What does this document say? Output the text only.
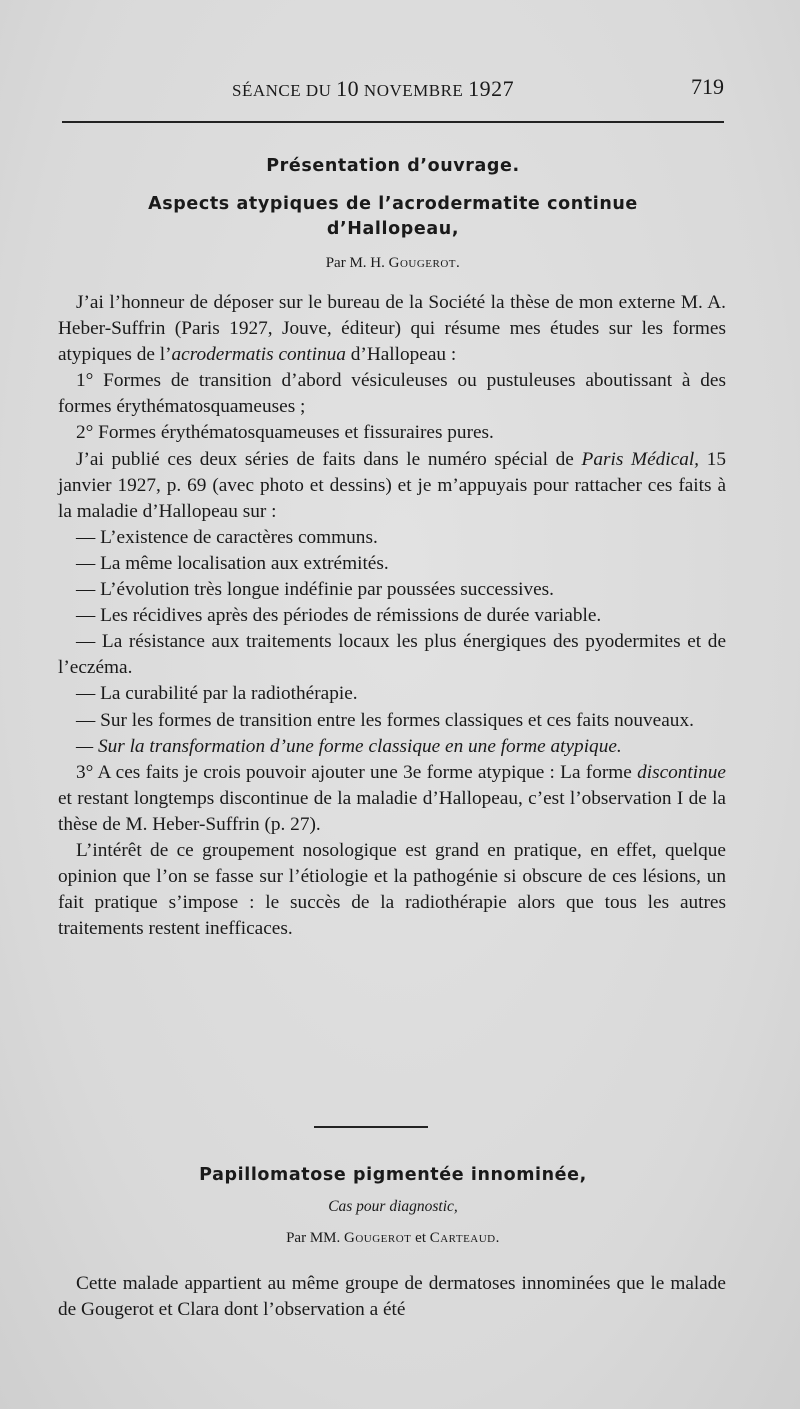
SÉANCE DU 10 NOVEMBRE 1927	719
Présentation d’ouvrage.
Aspects atypiques de l’acrodermatite continue
d’Hallopeau,
Par M. H. Gougerot.

J’ai l’honneur de déposer sur le bureau de la Société la thèse de mon externe M. A. Heber-Suffrin (Paris 1927, Jouve, éditeur) qui résume mes études sur les formes atypiques de l’acrodermatis continua d’Hallopeau :

1° Formes de transition d’abord vésiculeuses ou pustuleuses aboutissant à des formes érythématosquameuses ;

2° Formes érythématosquameuses et fissuraires pures.

J’ai publié ces deux séries de faits dans le numéro spécial de Paris Médical, 15 janvier 1927, p. 69 (avec photo et dessins) et je m’appuyais pour rattacher ces faits à la maladie d’Hallopeau sur :

— L’existence de caractères communs.

— La même localisation aux extrémités.

— L’évolution très longue indéfinie par poussées successives.

— Les récidives après des périodes de rémissions de durée variable.

— La résistance aux traitements locaux les plus énergiques des pyodermites et de l’eczéma.

— La curabilité par la radiothérapie.

— Sur les formes de transition entre les formes classiques et ces faits nouveaux.

— Sur la transformation d’une forme classique en une forme atypique.

3° A ces faits je crois pouvoir ajouter une 3e forme atypique : La forme discontinue et restant longtemps discontinue de la maladie d’Hallopeau, c’est l’observation I de la thèse de M. Heber-Suffrin (p. 27).

L’intérêt de ce groupement nosologique est grand en pratique, en effet, quelque opinion que l’on se fasse sur l’étiologie et la pathogénie si obscure de ces lésions, un fait pratique s’impose : le succès de la radiothérapie alors que tous les autres traitements restent inefficaces.

Papillomatose pigmentée innominée,
Cas pour diagnostic,
Par MM. Gougerot et Carteaud.

Cette malade appartient au même groupe de dermatoses innominées que le malade de Gougerot et Clara dont l’observation a été
